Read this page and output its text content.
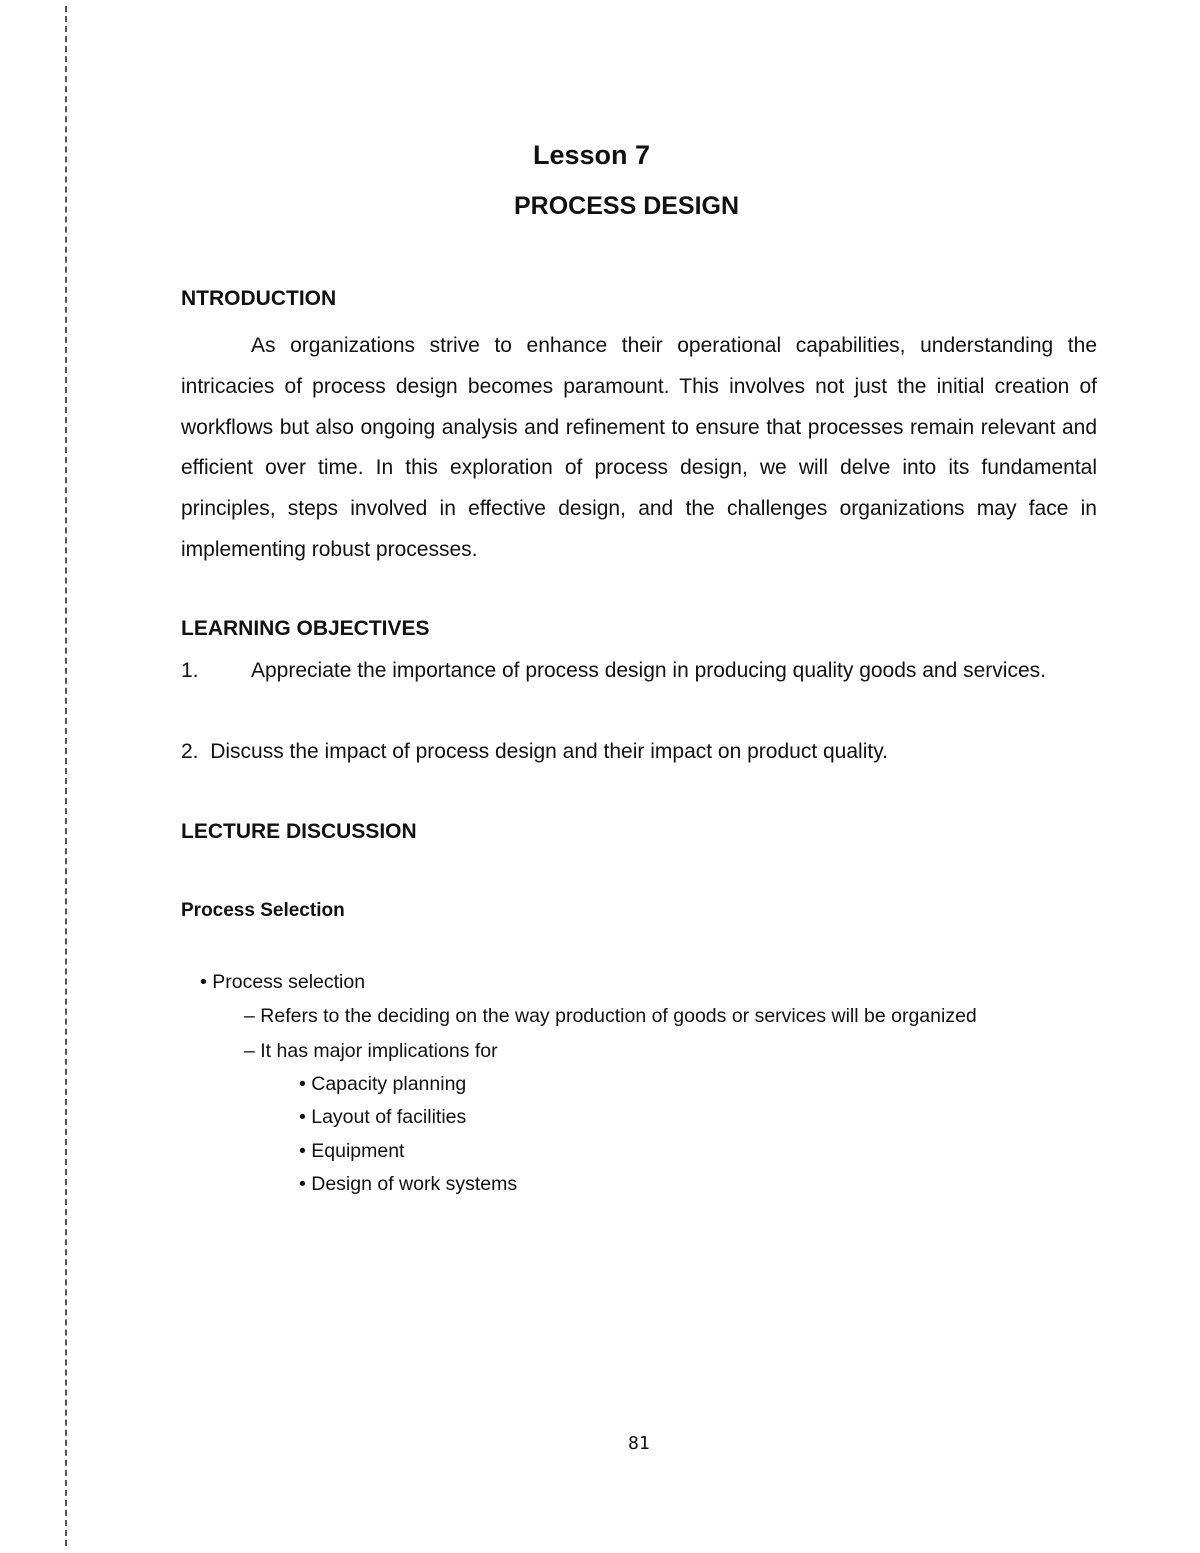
Lesson 7
PROCESS DESIGN
NTRODUCTION

As organizations strive to enhance their operational capabilities, understanding the intricacies of process design becomes paramount. This involves not just the initial creation of workflows but also ongoing analysis and refinement to ensure that processes remain relevant and efficient over time. In this exploration of process design, we will delve into its fundamental principles, steps involved in effective design, and the challenges organizations may face in implementing robust processes.

LEARNING OBJECTIVES

1. Appreciate the importance of process design in producing quality goods and services.

2. Discuss the impact of process design and their impact on product quality.
LECTURE DISCUSSION
Process Selection
• Process selection
– Refers to the deciding on the way production of goods or services will be organized
– It has major implications for
• Capacity planning
• Layout of facilities
• Equipment
• Design of work systems
81
